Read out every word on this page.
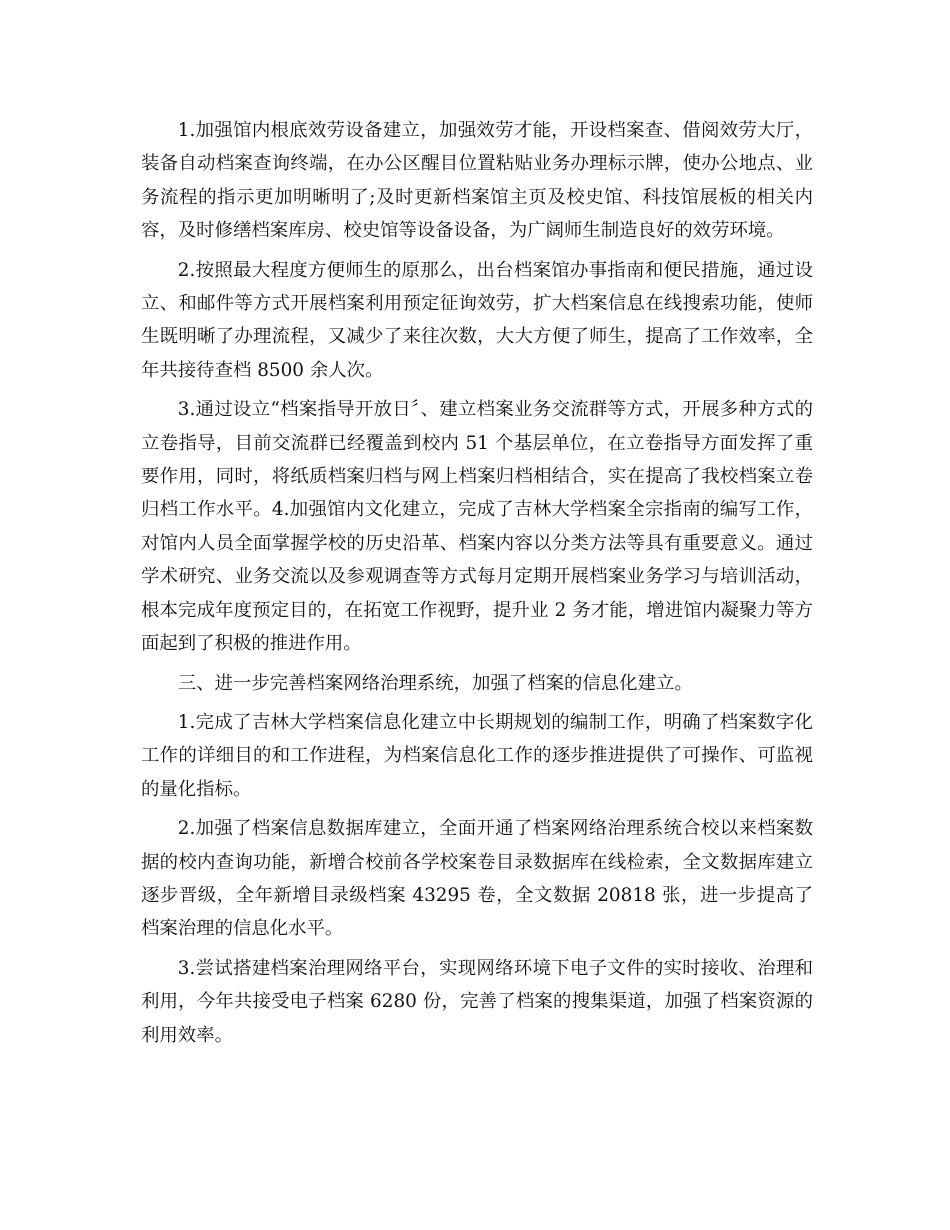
1.加强馆内根底效劳设备建立，加强效劳才能，开设档案查、借阅效劳大厅，装备自动档案查询终端，在办公区醒目位置粘贴业务办理标示牌，使办公地点、业务流程的指示更加明晰明了;及时更新档案馆主页及校史馆、科技馆展板的相关内容，及时修缮档案库房、校史馆等设备设备，为广阔师生制造良好的效劳环境。

2.按照最大程度方便师生的原那么，出台档案馆办事指南和便民措施，通过设立、和邮件等方式开展档案利用预定征询效劳，扩大档案信息在线搜索功能，使师生既明晰了办理流程，又减少了来往次数，大大方便了师生，提高了工作效率，全年共接待查档 8500 余人次。

3.通过设立“档案指导开放日〞、建立档案业务交流群等方式，开展多种方式的立卷指导，目前交流群已经覆盖到校内 51 个基层单位，在立卷指导方面发挥了重要作用，同时，将纸质档案归档与网上档案归档相结合，实在提高了我校档案立卷归档工作水平。4.加强馆内文化建立，完成了吉林大学档案全宗指南的编写工作，对馆内人员全面掌握学校的历史沿革、档案内容以分类方法等具有重要意义。通过学术研究、业务交流以及参观调查等方式每月定期开展档案业务学习与培训活动，根本完成年度预定目的，在拓宽工作视野，提升业 2 务才能，增进馆内凝聚力等方面起到了积极的推进作用。

三、进一步完善档案网络治理系统，加强了档案的信息化建立。

1.完成了吉林大学档案信息化建立中长期规划的编制工作，明确了档案数字化工作的详细目的和工作进程，为档案信息化工作的逐步推进提供了可操作、可监视的量化指标。

2.加强了档案信息数据库建立，全面开通了档案网络治理系统合校以来档案数据的校内查询功能，新增合校前各学校案卷目录数据库在线检索，全文数据库建立逐步晋级，全年新增目录级档案 43295 卷，全文数据 20818 张，进一步提高了档案治理的信息化水平。

3.尝试搭建档案治理网络平台，实现网络环境下电子文件的实时接收、治理和利用，今年共接受电子档案 6280 份，完善了档案的搜集渠道，加强了档案资源的利用效率。
